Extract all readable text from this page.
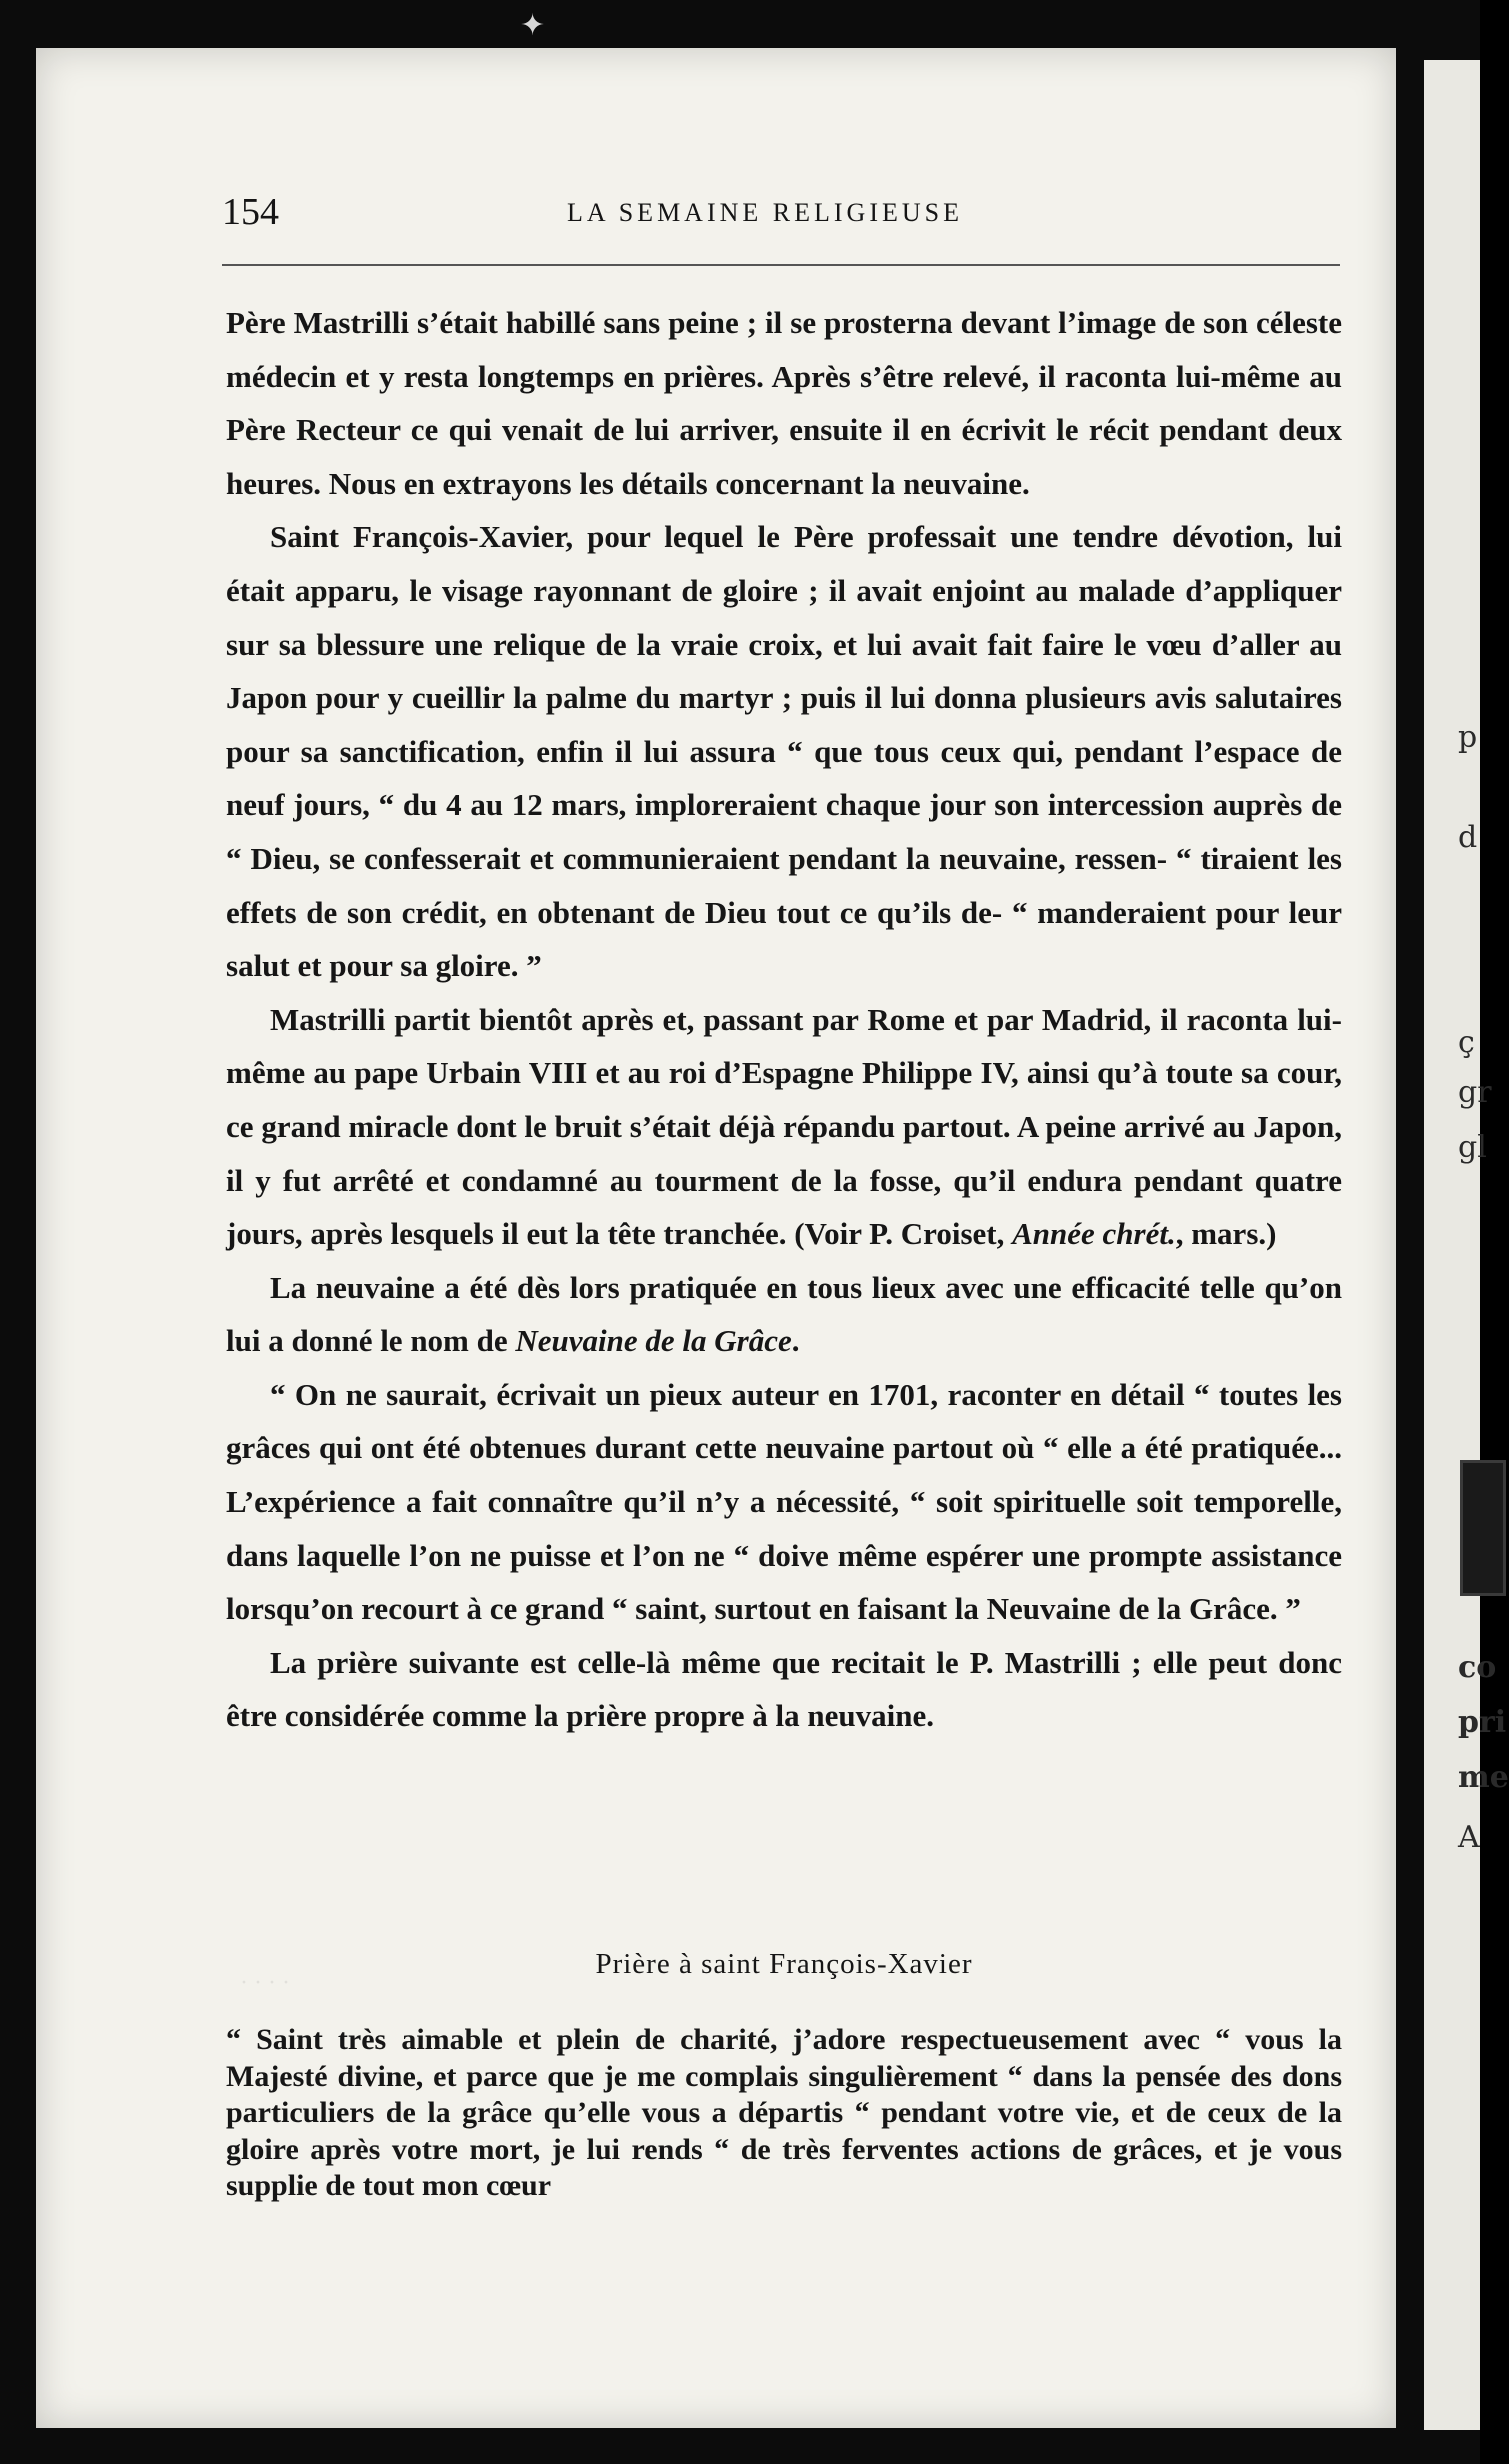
✦
p
d
ç
gr
gl
co
pri
me
A
154	LA SEMAINE RELIGIEUSE
· · · ·

Père Mastrilli s’était habillé sans peine ; il se prosterna devant l’image de son céleste médecin et y resta longtemps en prières. Après s’être relevé, il raconta lui-même au Père Recteur ce qui venait de lui arriver, ensuite il en écrivit le récit pendant deux heures. Nous en extrayons les détails concernant la neuvaine.

Saint François-Xavier, pour lequel le Père professait une tendre dévotion, lui était apparu, le visage rayonnant de gloire ; il avait enjoint au malade d’appliquer sur sa blessure une relique de la vraie croix, et lui avait fait faire le vœu d’aller au Japon pour y cueillir la palme du martyr ; puis il lui donna plusieurs avis salutaires pour sa sanctification, enfin il lui assura “ que tous ceux qui, pendant l’espace de neuf jours, “ du 4 au 12 mars, imploreraient chaque jour son intercession auprès de “ Dieu, se confesserait et communieraient pendant la neuvaine, ressen- “ tiraient les effets de son crédit, en obtenant de Dieu tout ce qu’ils de- “ manderaient pour leur salut et pour sa gloire. ”

Mastrilli partit bientôt après et, passant par Rome et par Madrid, il raconta lui-même au pape Urbain VIII et au roi d’Espagne Philippe IV, ainsi qu’à toute sa cour, ce grand miracle dont le bruit s’était déjà répandu partout. A peine arrivé au Japon, il y fut arrêté et condamné au tourment de la fosse, qu’il endura pendant quatre jours, après lesquels il eut la tête tranchée. (Voir P. Croiset, Année chrét., mars.)

La neuvaine a été dès lors pratiquée en tous lieux avec une efficacité telle qu’on lui a donné le nom de Neuvaine de la Grâce.

“ On ne saurait, écrivait un pieux auteur en 1701, raconter en détail “ toutes les grâces qui ont été obtenues durant cette neuvaine partout où “ elle a été pratiquée... L’expérience a fait connaître qu’il n’y a nécessité, “ soit spirituelle soit temporelle, dans laquelle l’on ne puisse et l’on ne “ doive même espérer une prompte assistance lorsqu’on recourt à ce grand “ saint, surtout en faisant la Neuvaine de la Grâce. ”

La prière suivante est celle-là même que recitait le P. Mastrilli ; elle peut donc être considérée comme la prière propre à la neuvaine.

Prière à saint François-Xavier

“ Saint très aimable et plein de charité, j’adore respectueusement avec “ vous la Majesté divine, et parce que je me complais singulièrement “ dans la pensée des dons particuliers de la grâce qu’elle vous a départis “ pendant votre vie, et de ceux de la gloire après votre mort, je lui rends “ de très ferventes actions de grâces, et je vous supplie de tout mon cœur
